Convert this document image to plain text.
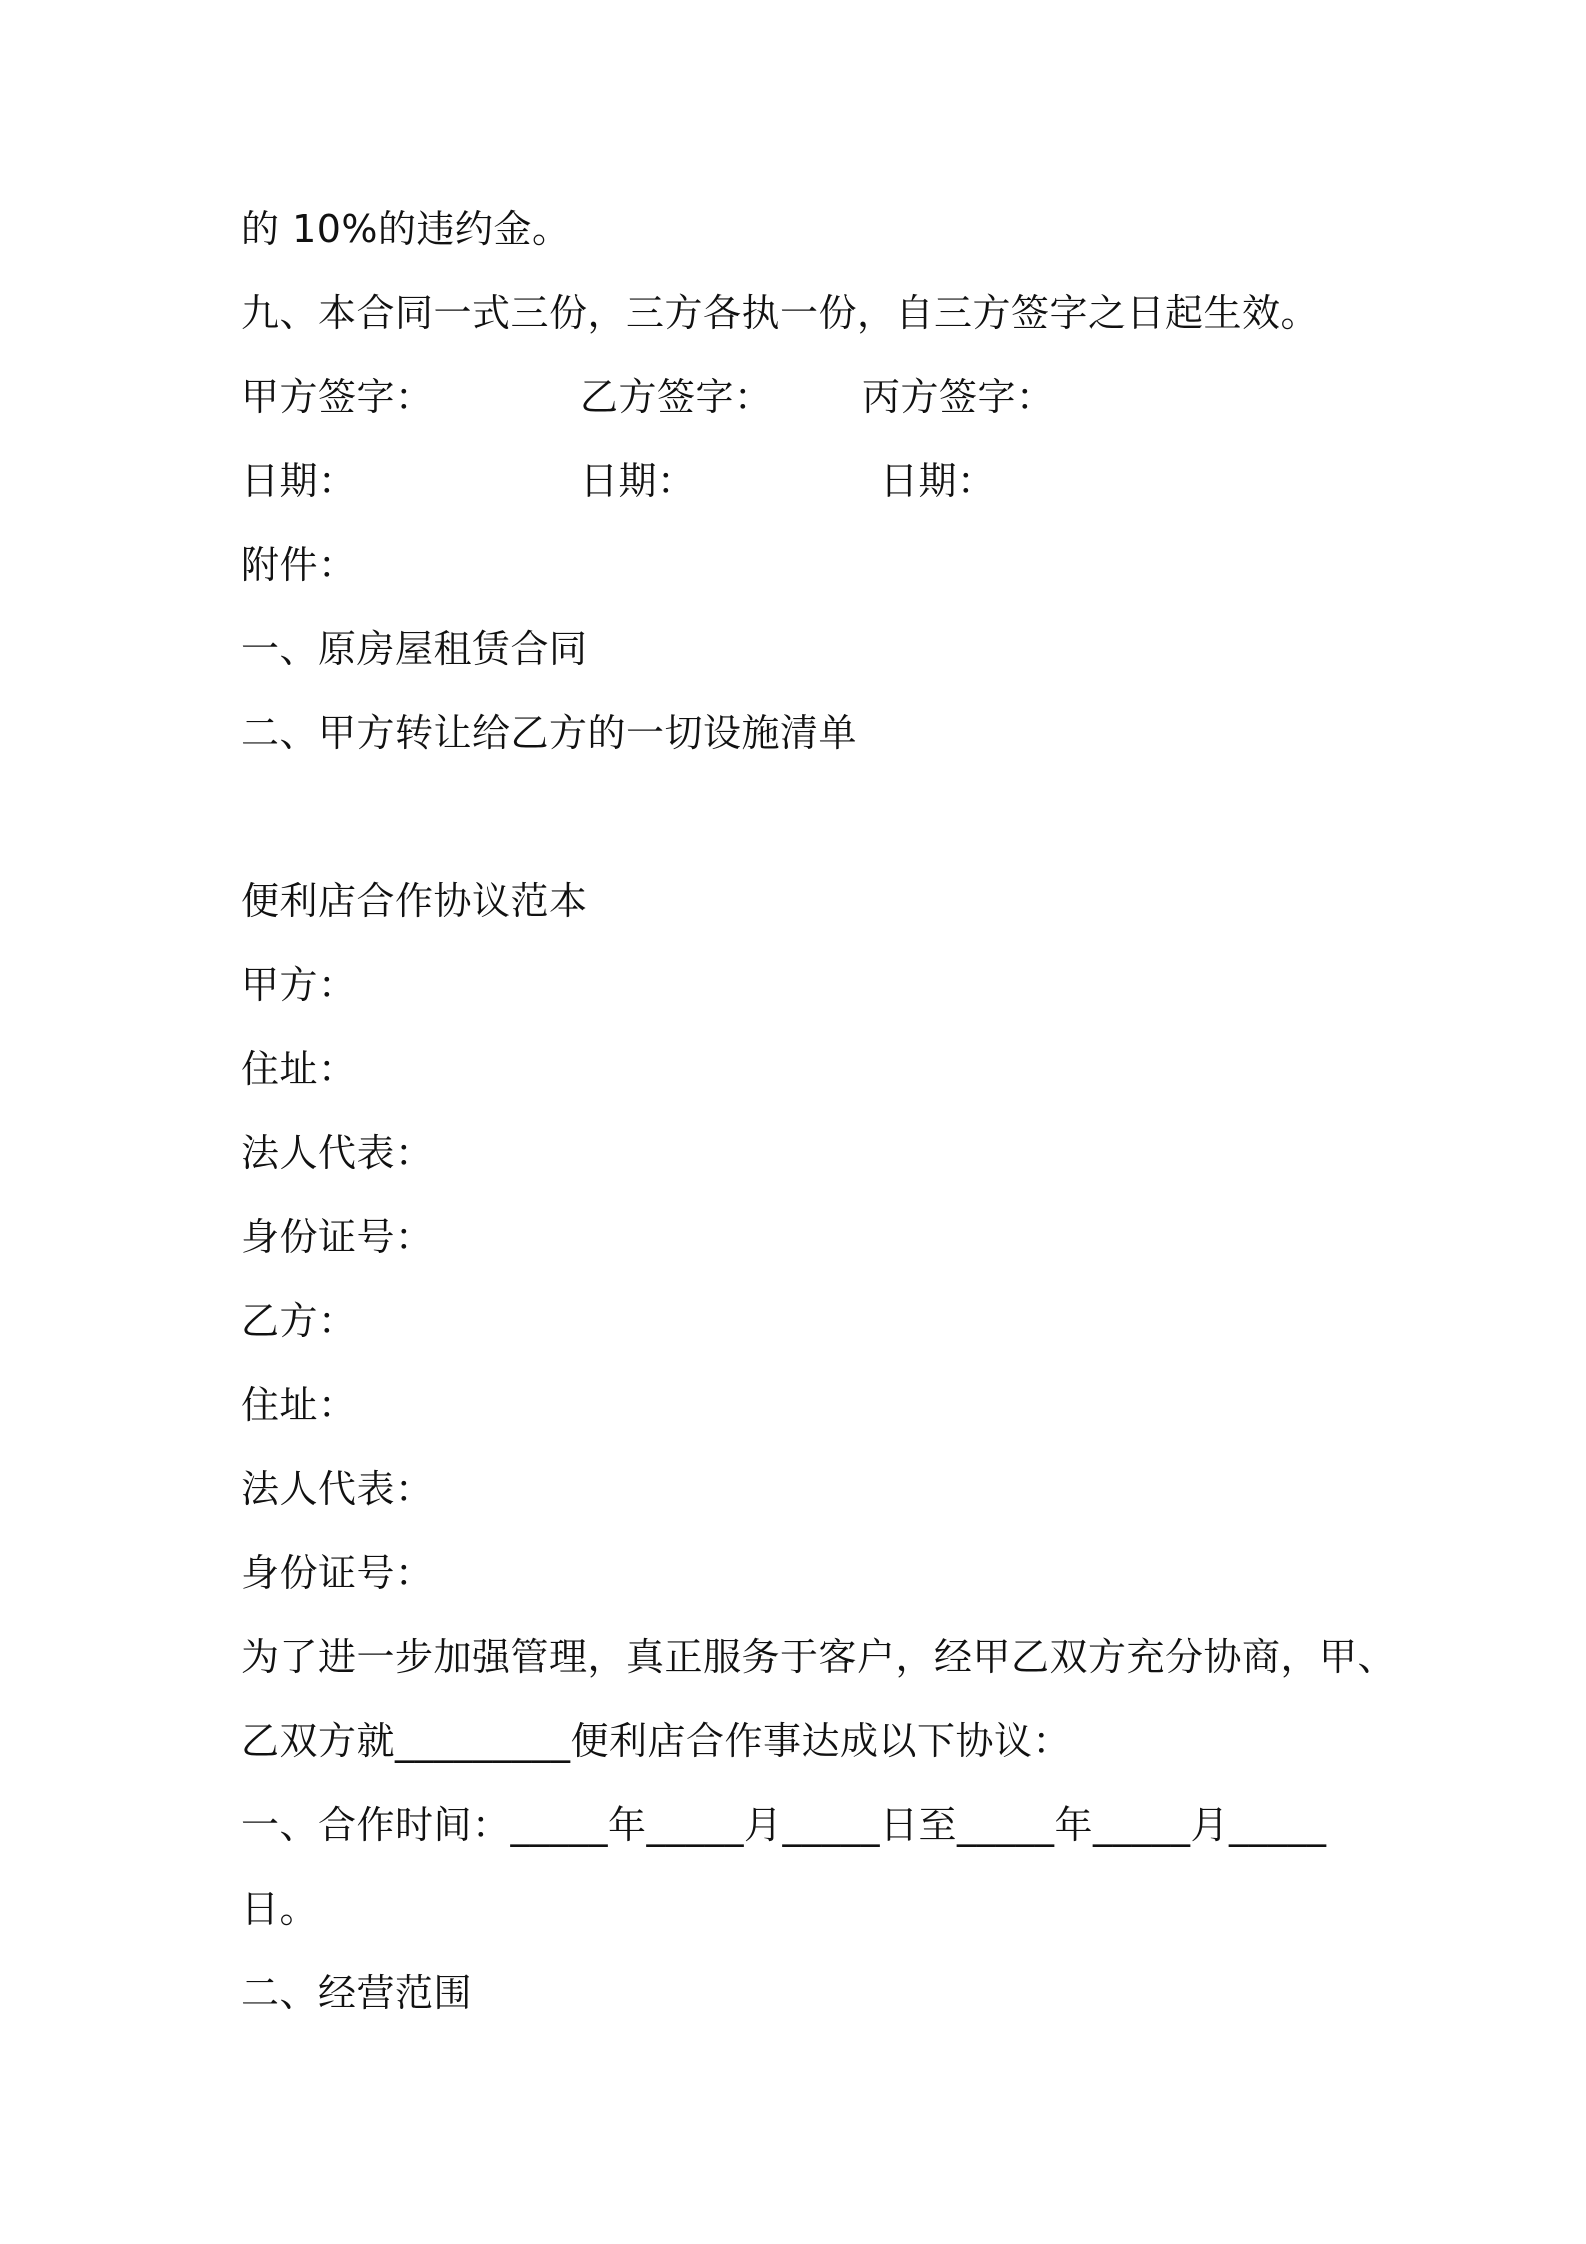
的 10%的违约金。
九、本合同一式三份，三方各执一份，自三方签字之日起生效。
甲方签字：	乙方签字： 丙方签字：
日期：	日期：	日期：
附件：
一、原房屋租赁合同
二、甲方转让给乙方的一切设施清单
便利店合作协议范本
甲方：
住址：
法人代表：
身份证号：
乙方：
住址：
法人代表：
身份证号：
为了进一步加强管理，真正服务于客户，经甲乙双方充分协商，甲、
乙双方就_________便利店合作事达成以下协议：
一、合作时间：_____年_____月_____日至_____年_____月_____
日。
二、经营范围
